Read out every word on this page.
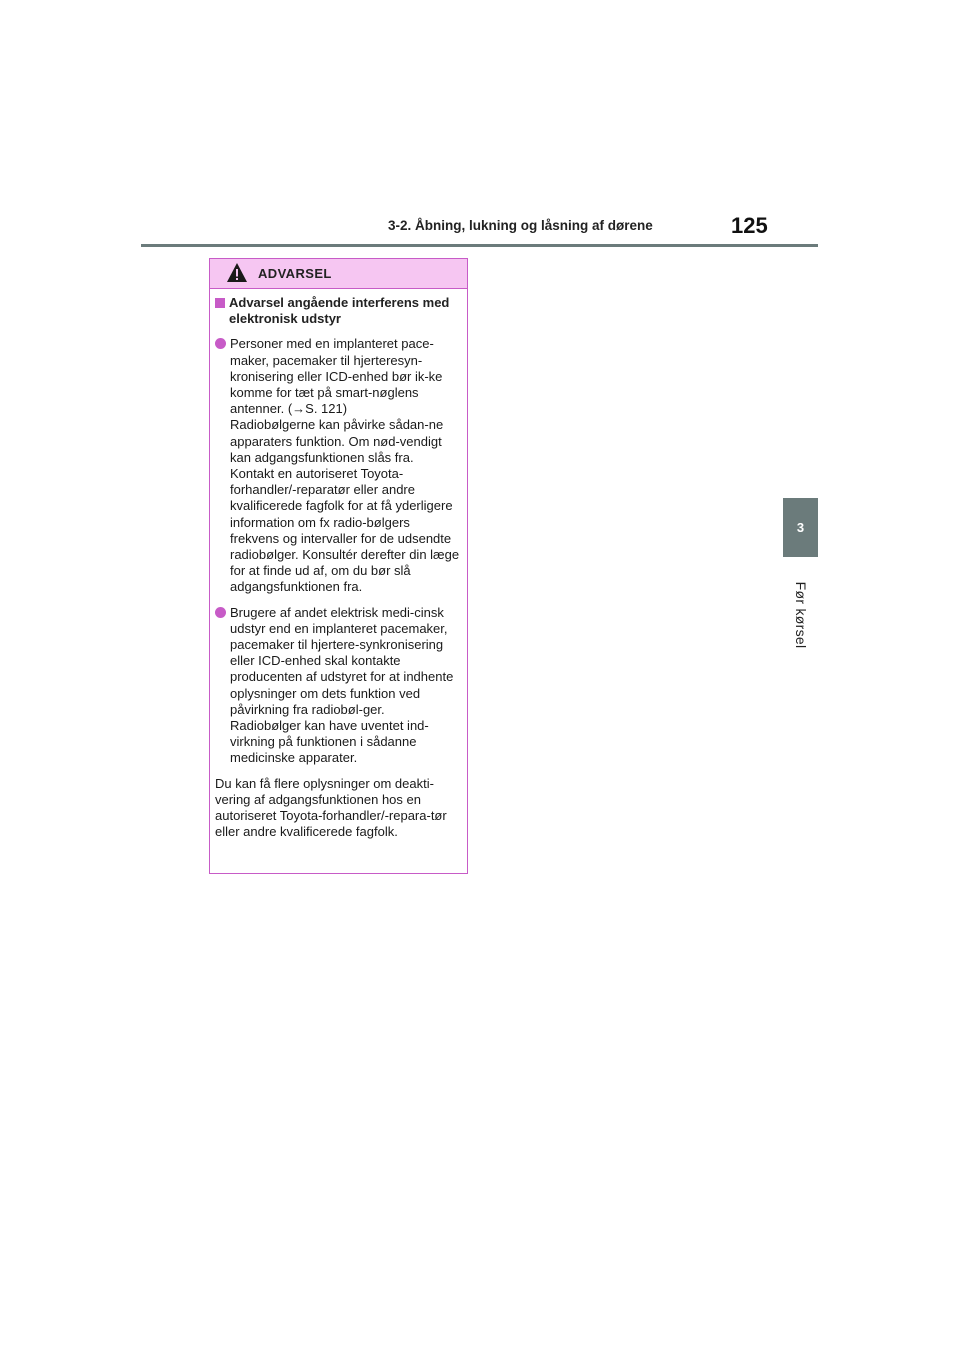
3-2. Åbning, lukning og låsning af dørene	125
3
Før kørsel
ADVARSEL
Advarsel angående interferens med elektronisk udstyr

Personer med en implanteret pace-maker, pacemaker til hjerteresyn-kronisering eller ICD-enhed bør ik-ke komme for tæt på smart-nøglens antenner. (→S. 121)

Radiobølgerne kan påvirke sådan-ne apparaters funktion. Om nød-vendigt kan adgangsfunktionen slås fra. Kontakt en autoriseret Toyota-forhandler/-reparatør eller andre kvalificerede fagfolk for at få yderligere information om fx radio-bølgers frekvens og intervaller for de udsendte radiobølger. Konsultér derefter din læge for at finde ud af, om du bør slå adgangsfunktionen fra.

Brugere af andet elektrisk medi-cinsk udstyr end en implanteret pacemaker, pacemaker til hjertere-synkronisering eller ICD-enhed skal kontakte producenten af udstyret for at indhente oplysninger om dets funktion ved påvirkning fra radiobøl-ger.

Radiobølger kan have uventet ind-virkning på funktionen i sådanne medicinske apparater.

Du kan få flere oplysninger om deakti-vering af adgangsfunktionen hos en autoriseret Toyota-forhandler/-repara-tør eller andre kvalificerede fagfolk.
